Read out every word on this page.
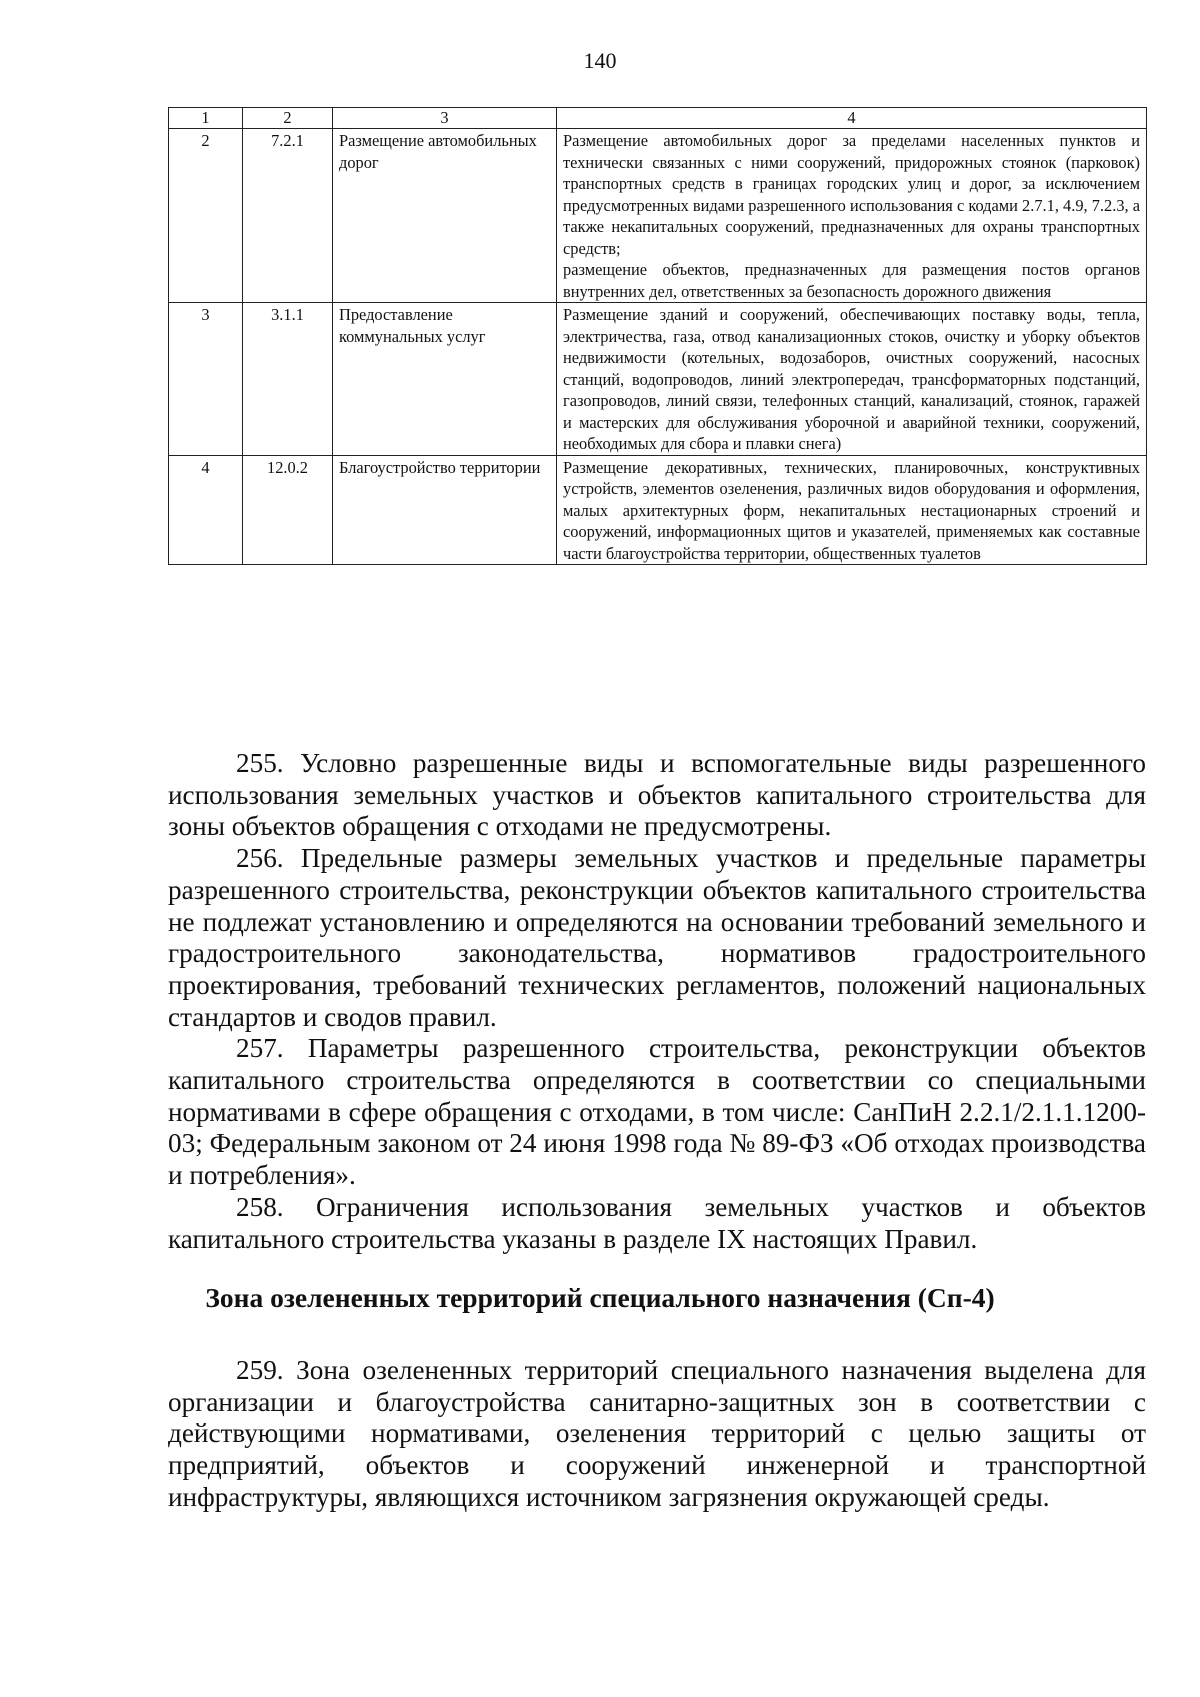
140
1	2	3	4
2	7.2.1	Размещение автомобильных дорог	Размещение автомобильных дорог за пределами населенных пунктов и технически связанных с ними сооружений, придорожных стоянок (парковок) транспортных средств в границах городских улиц и дорог, за исключением предусмотренных видами разрешенного использования с кодами 2.7.1, 4.9, 7.2.3, а также некапитальных сооружений, предназначенных для охраны транспортных средств;
размещение объектов, предназначенных для размещения постов органов внутренних дел, ответственных за безопасность дорожного движения

3	3.1.1	Предоставление коммунальных услуг	Размещение зданий и сооружений, обеспечивающих поставку воды, тепла, электричества, газа, отвод канализационных стоков, очистку и уборку объектов недвижимости (котельных, водозаборов, очистных сооружений, насосных станций, водопроводов, линий электропередач, трансформаторных подстанций, газопроводов, линий связи, телефонных станций, канализаций, стоянок, гаражей и мастерских для обслуживания уборочной и аварийной техники, сооружений, необходимых для сбора и плавки снега)
4	12.0.2	Благоустройство территории	Размещение декоративных, технических, планировочных, конструктивных устройств, элементов озеленения, различных видов оборудования и оформления, малых архитектурных форм, некапитальных нестационарных строений и сооружений, информационных щитов и указателей, применяемых как составные части благоустройства территории, общественных туалетов

255. Условно разрешенные виды и вспомогательные виды разрешенного использования земельных участков и объектов капитального строительства для зоны объектов обращения с отходами не предусмотрены.

256. Предельные размеры земельных участков и предельные параметры разрешенного строительства, реконструкции объектов капитального строительства не подлежат установлению и определяются на основании требований земельного и градостроительного законодательства, нормативов градостроительного проектирования, требований технических регламентов, положений национальных стандартов и сводов правил.

257. Параметры разрешенного строительства, реконструкции объектов капитального строительства определяются в соответствии со специальными нормативами в сфере обращения с отходами, в том числе: СанПиН 2.2.1/2.1.1.1200-03; Федеральным законом от 24 июня 1998 года № 89-ФЗ «Об отходах производства и потребления».

258. Ограничения использования земельных участков и объектов капитального строительства указаны в разделе IX настоящих Правил.

Зона озелененных территорий специального назначения (Сп-4)

259. Зона озелененных территорий специального назначения выделена для организации и благоустройства санитарно-защитных зон в соответствии с действующими нормативами, озеленения территорий с целью защиты от предприятий, объектов и сооружений инженерной и транспортной инфраструктуры, являющихся источником загрязнения окружающей среды.
